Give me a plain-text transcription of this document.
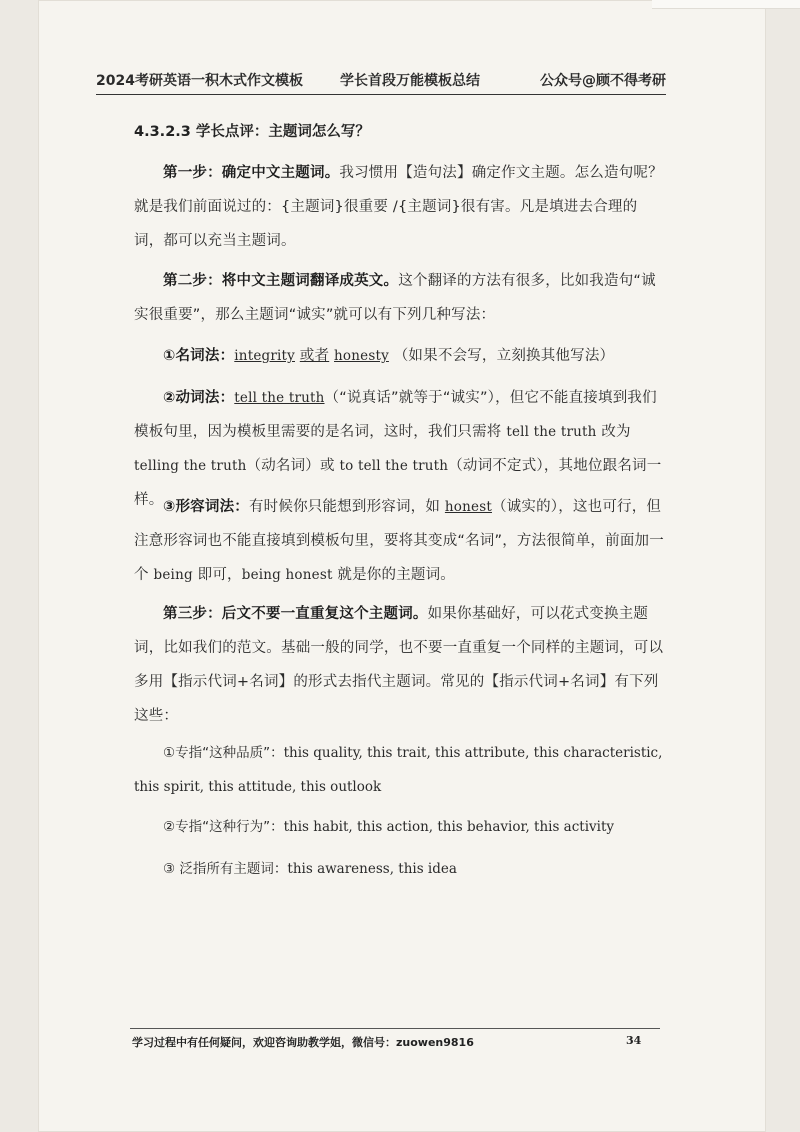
2024考研英语一积木式作文模板	学长首段万能模板总结	公众号@顾不得考研
4.3.2.3 学长点评：主题词怎么写？

第一步：确定中文主题词。我习惯用【造句法】确定作文主题。怎么造句呢？就是我们前面说过的：{主题词}很重要 /{主题词}很有害。凡是填进去合理的词，都可以充当主题词。

第二步：将中文主题词翻译成英文。这个翻译的方法有很多，比如我造句“诚实很重要”，那么主题词“诚实”就可以有下列几种写法：

①名词法：integrity 或者 honesty （如果不会写，立刻换其他写法）

②动词法：tell the truth（“说真话”就等于“诚实”），但它不能直接填到我们模板句里，因为模板里需要的是名词，这时，我们只需将 tell the truth 改为 telling the truth（动名词）或 to tell the truth（动词不定式），其地位跟名词一样。 ③形容词法：有时候你只能想到形容词，如 honest（诚实的），这也可行，但注意形容词也不能直接填到模板句里，要将其变成“名词”，方法很简单，前面加一个 being 即可，being honest 就是你的主题词。

第三步：后文不要一直重复这个主题词。如果你基础好，可以花式变换主题词，比如我们的范文。基础一般的同学，也不要一直重复一个同样的主题词，可以多用【指示代词+名词】的形式去指代主题词。常见的【指示代词+名词】有下列这些：

①专指“这种品质”：this quality, this trait, this attribute, this characteristic, this spirit, this attitude, this outlook

②专指“这种行为”：this habit, this action, this behavior, this activity

③ 泛指所有主题词：this awareness, this idea

学习过程中有任何疑问，欢迎咨询助教学姐，微信号：zuowen9816	34
